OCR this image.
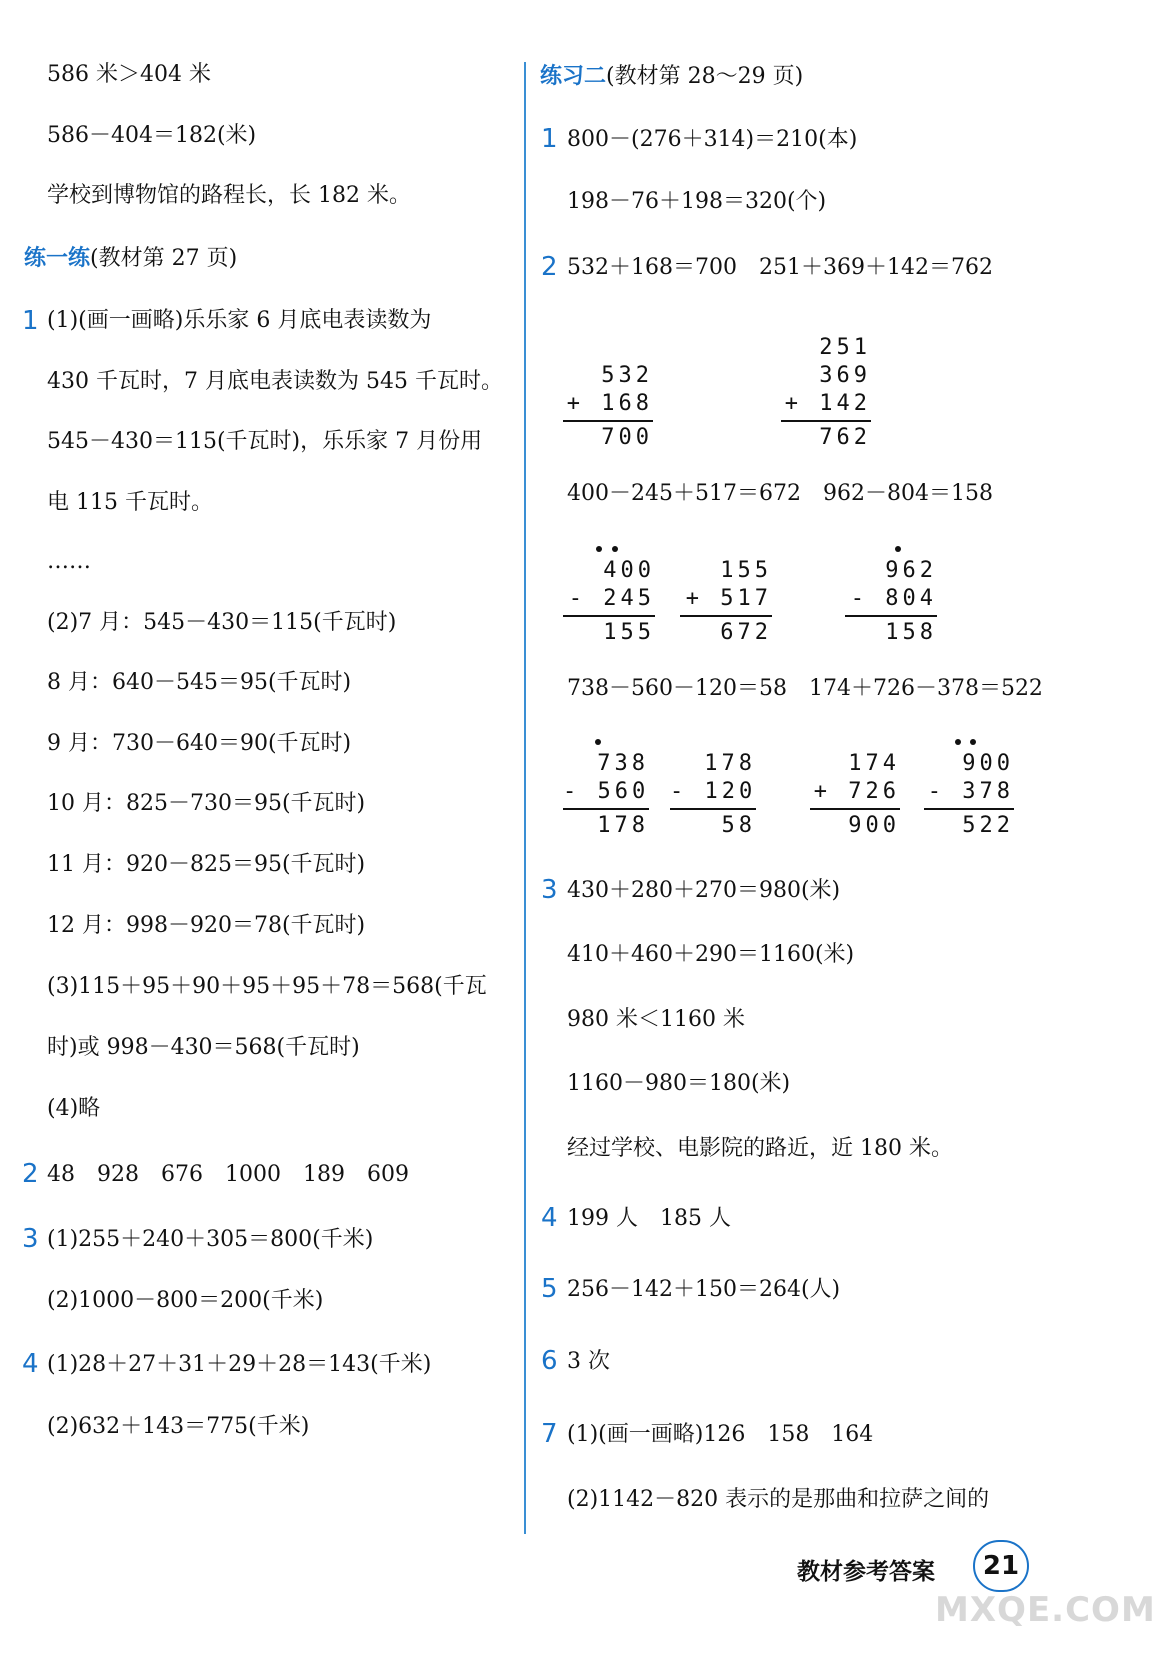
586 米＞404 米
586－404＝182(米)
学校到博物馆的路程长，长 182 米。
练一练(教材第 27 页)
1 (1)(画一画略)乐乐家 6 月底电表读数为
430 千瓦时，7 月底电表读数为 545 千瓦时。
545－430＝115(千瓦时)，乐乐家 7 月份用
电 115 千瓦时。
……
(2)7 月：545－430＝115(千瓦时)
8 月：640－545＝95(千瓦时)
9 月：730－640＝90(千瓦时)
10 月：825－730＝95(千瓦时)
11 月：920－825＝95(千瓦时)
12 月：998－920＝78(千瓦时)
(3)115＋95＋90＋95＋95＋78＝568(千瓦
时)或 998－430＝568(千瓦时)
(4)略
2 48　928　676　1000　189　609
3 (1)255＋240＋305＝800(千米)
(2)1000－800＝200(千米)
4 (1)28＋27＋31＋29＋28＝143(千米)
(2)632＋143＝775(千米)
练习二(教材第 28～29 页)
1 800－(276＋314)＝210(本)
198－76＋198＝320(个)
2 532＋168＝700　251＋369＋142＝762
532
+ 168
700
251
369
+ 142
762
400－245＋517＝672　962－804＝158
400
- 245
155
155
+ 517
672
962
- 804
158
738－560－120＝58　174＋726－378＝522
738
- 560
178
178
- 120
58
174
+ 726
900
900
- 378
522
3 430＋280＋270＝980(米)
410＋460＋290＝1160(米)
980 米＜1160 米
1160－980＝180(米)
经过学校、电影院的路近，近 180 米。
4 199 人　185 人
5 256－142＋150＝264(人)
6 3 次
7 (1)(画一画略)126　158　164
(2)1142－820 表示的是那曲和拉萨之间的
教材参考答案	21
MXQE.COM
